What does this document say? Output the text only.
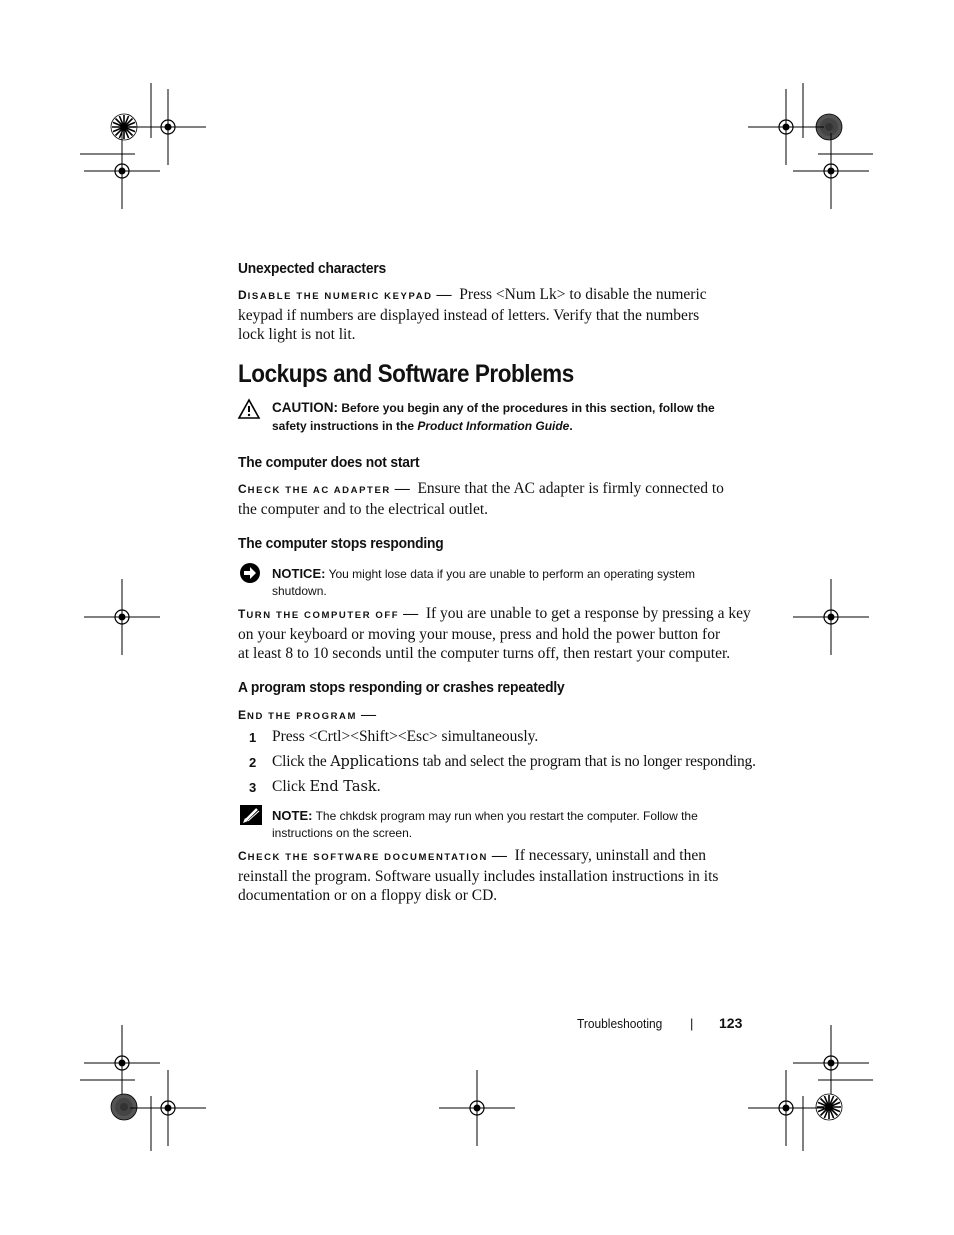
Unexpected characters
DISABLE THE NUMERIC KEYPAD — Press <Num Lk> to disable the numeric
keypad if numbers are displayed instead of letters. Verify that the numbers
lock light is not lit.
Lockups and Software Problems
CAUTION: Before you begin any of the procedures in this section, follow the
safety instructions in the Product Information Guide.
The computer does not start
CHECK THE AC ADAPTER — Ensure that the AC adapter is firmly connected to
the computer and to the electrical outlet.
The computer stops responding
NOTICE: You might lose data if you are unable to perform an operating system
shutdown.
TURN THE COMPUTER OFF — If you are unable to get a response by pressing a key
on your keyboard or moving your mouse, press and hold the power button for
at least 8 to 10 seconds until the computer turns off, then restart your computer.
A program stops responding or crashes repeatedly
END THE PROGRAM —
1 Press <Crtl><Shift><Esc> simultaneously.
2 Click the Applications tab and select the program that is no longer responding.
3 Click End Task.
NOTE: The chkdsk program may run when you restart the computer. Follow the
instructions on the screen.
CHECK THE SOFTWARE DOCUMENTATION — If necessary, uninstall and then
reinstall the program. Software usually includes installation instructions in its
documentation or on a floppy disk or CD.
Troubleshooting | 123
